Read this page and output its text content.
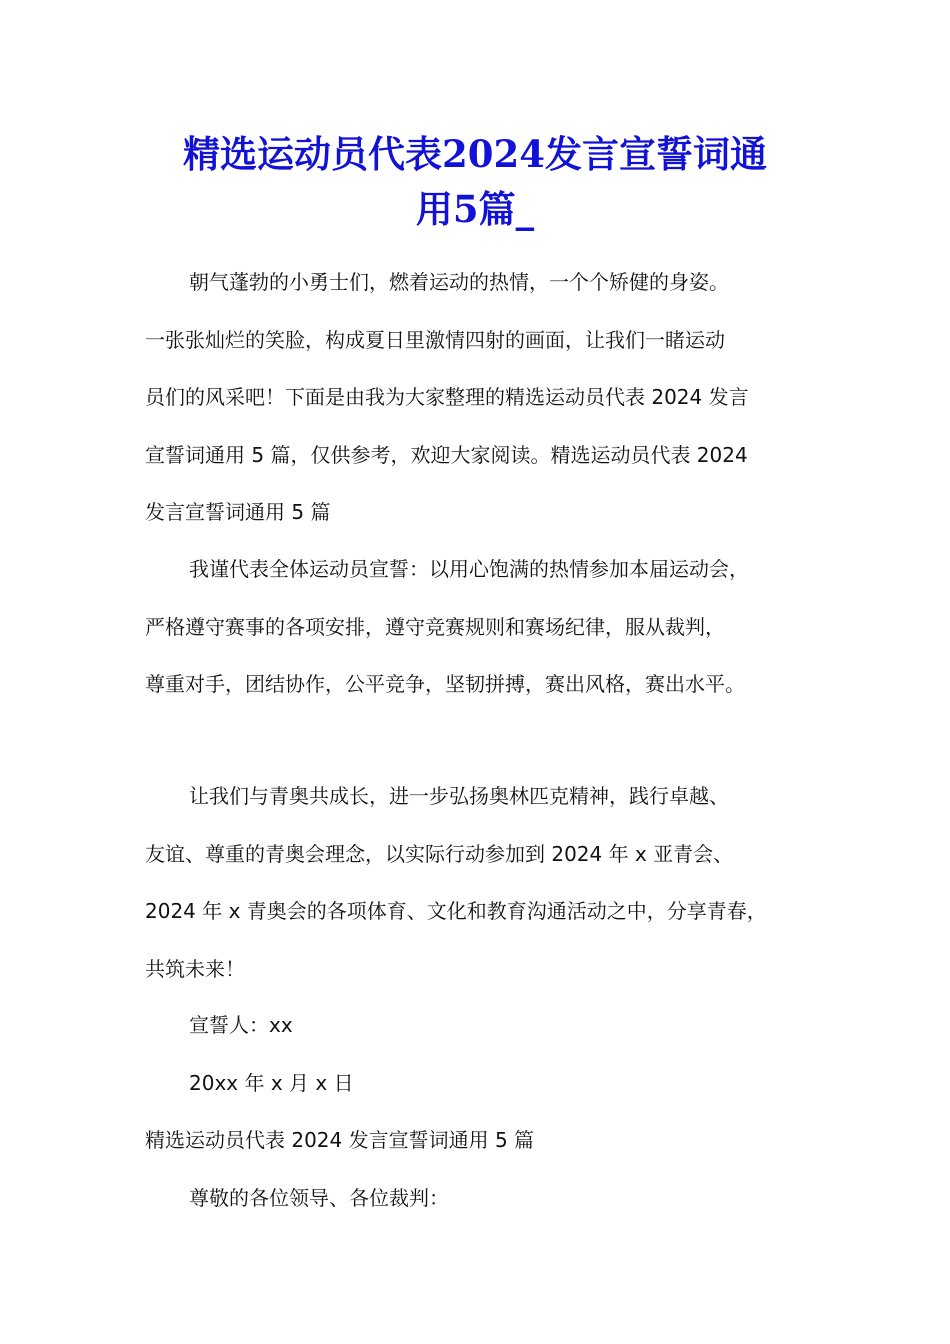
精选运动员代表2024发言宣誓词通
用5篇_

朝气蓬勃的小勇士们，燃着运动的热情，一个个矫健的身姿。
一张张灿烂的笑脸，构成夏日里激情四射的画面，让我们一睹运动
员们的风采吧！下面是由我为大家整理的精选运动员代表 2024 发言
宣誓词通用 5 篇，仅供参考，欢迎大家阅读。精选运动员代表 2024
发言宣誓词通用 5 篇

我谨代表全体运动员宣誓：以用心饱满的热情参加本届运动会，
严格遵守赛事的各项安排，遵守竞赛规则和赛场纪律，服从裁判，
尊重对手，团结协作，公平竞争，坚韧拼搏，赛出风格，赛出水平。

让我们与青奥共成长，进一步弘扬奥林匹克精神，践行卓越、
友谊、尊重的青奥会理念，以实际行动参加到 2024 年 x 亚青会、
2024 年 x 青奥会的各项体育、文化和教育沟通活动之中，分享青春，
共筑未来！

宣誓人：xx
20xx 年 x 月 x 日
精选运动员代表 2024 发言宣誓词通用 5 篇
尊敬的各位领导、各位裁判：
